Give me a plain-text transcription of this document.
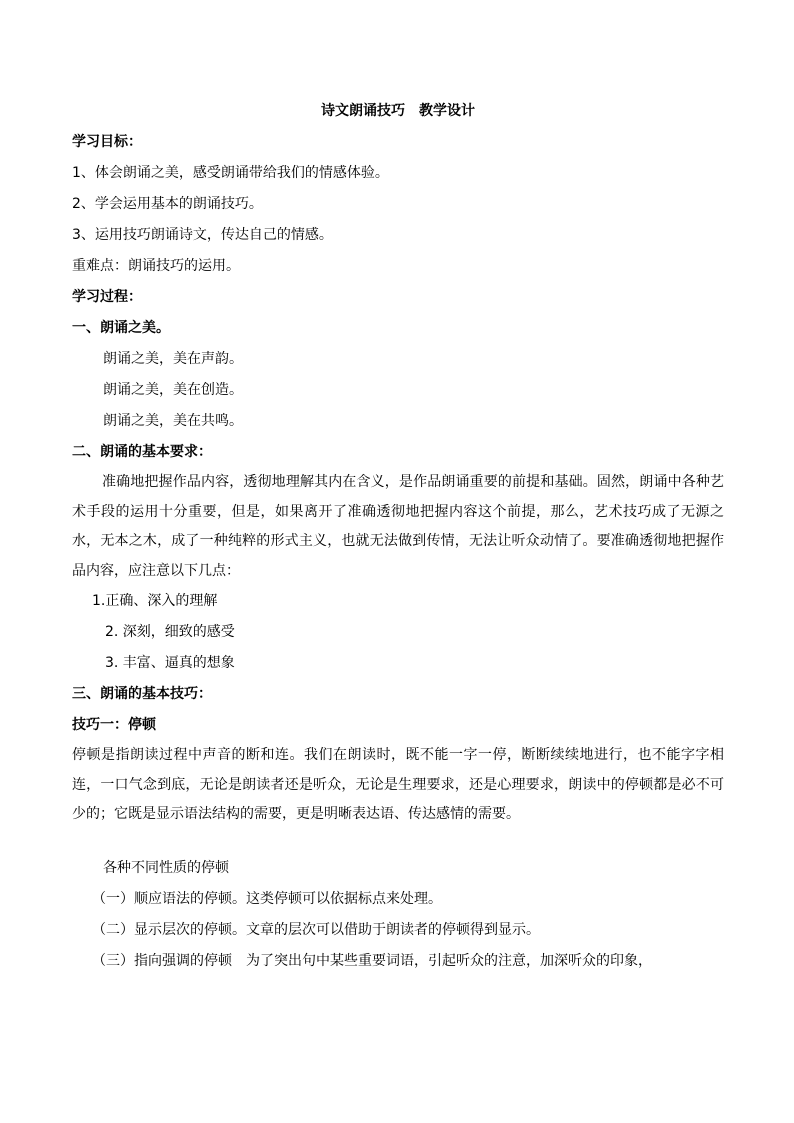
诗文朗诵技巧　教学设计
学习目标：
1、体会朗诵之美，感受朗诵带给我们的情感体验。
2、学会运用基本的朗诵技巧。
3、运用技巧朗诵诗文，传达自己的情感。
重难点：朗诵技巧的运用。
学习过程：
一、朗诵之美。
朗诵之美，美在声韵。
朗诵之美，美在创造。
朗诵之美，美在共鸣。
二、朗诵的基本要求：

准确地把握作品内容，透彻地理解其内在含义，是作品朗诵重要的前提和基础。固然，朗诵中各种艺术手段的运用十分重要，但是，如果离开了准确透彻地把握内容这个前提，那么，艺术技巧成了无源之水，无本之木，成了一种纯粹的形式主义，也就无法做到传情，无法让听众动情了。要准确透彻地把握作品内容，应注意以下几点：

1.正确、深入的理解
2. 深刻，细致的感受
3. 丰富、逼真的想象
三、朗诵的基本技巧：
技巧一：停顿

停顿是指朗读过程中声音的断和连。我们在朗读时，既不能一字一停，断断续续地进行，也不能字字相连，一口气念到底，无论是朗读者还是听众，无论是生理要求，还是心理要求，朗读中的停顿都是必不可少的；它既是显示语法结构的需要，更是明晰表达语、传达感情的需要。

各种不同性质的停顿
（一）顺应语法的停顿。这类停顿可以依据标点来处理。
（二）显示层次的停顿。文章的层次可以借助于朗读者的停顿得到显示。
（三）指向强调的停顿　为了突出句中某些重要词语，引起听众的注意，加深听众的印象，
